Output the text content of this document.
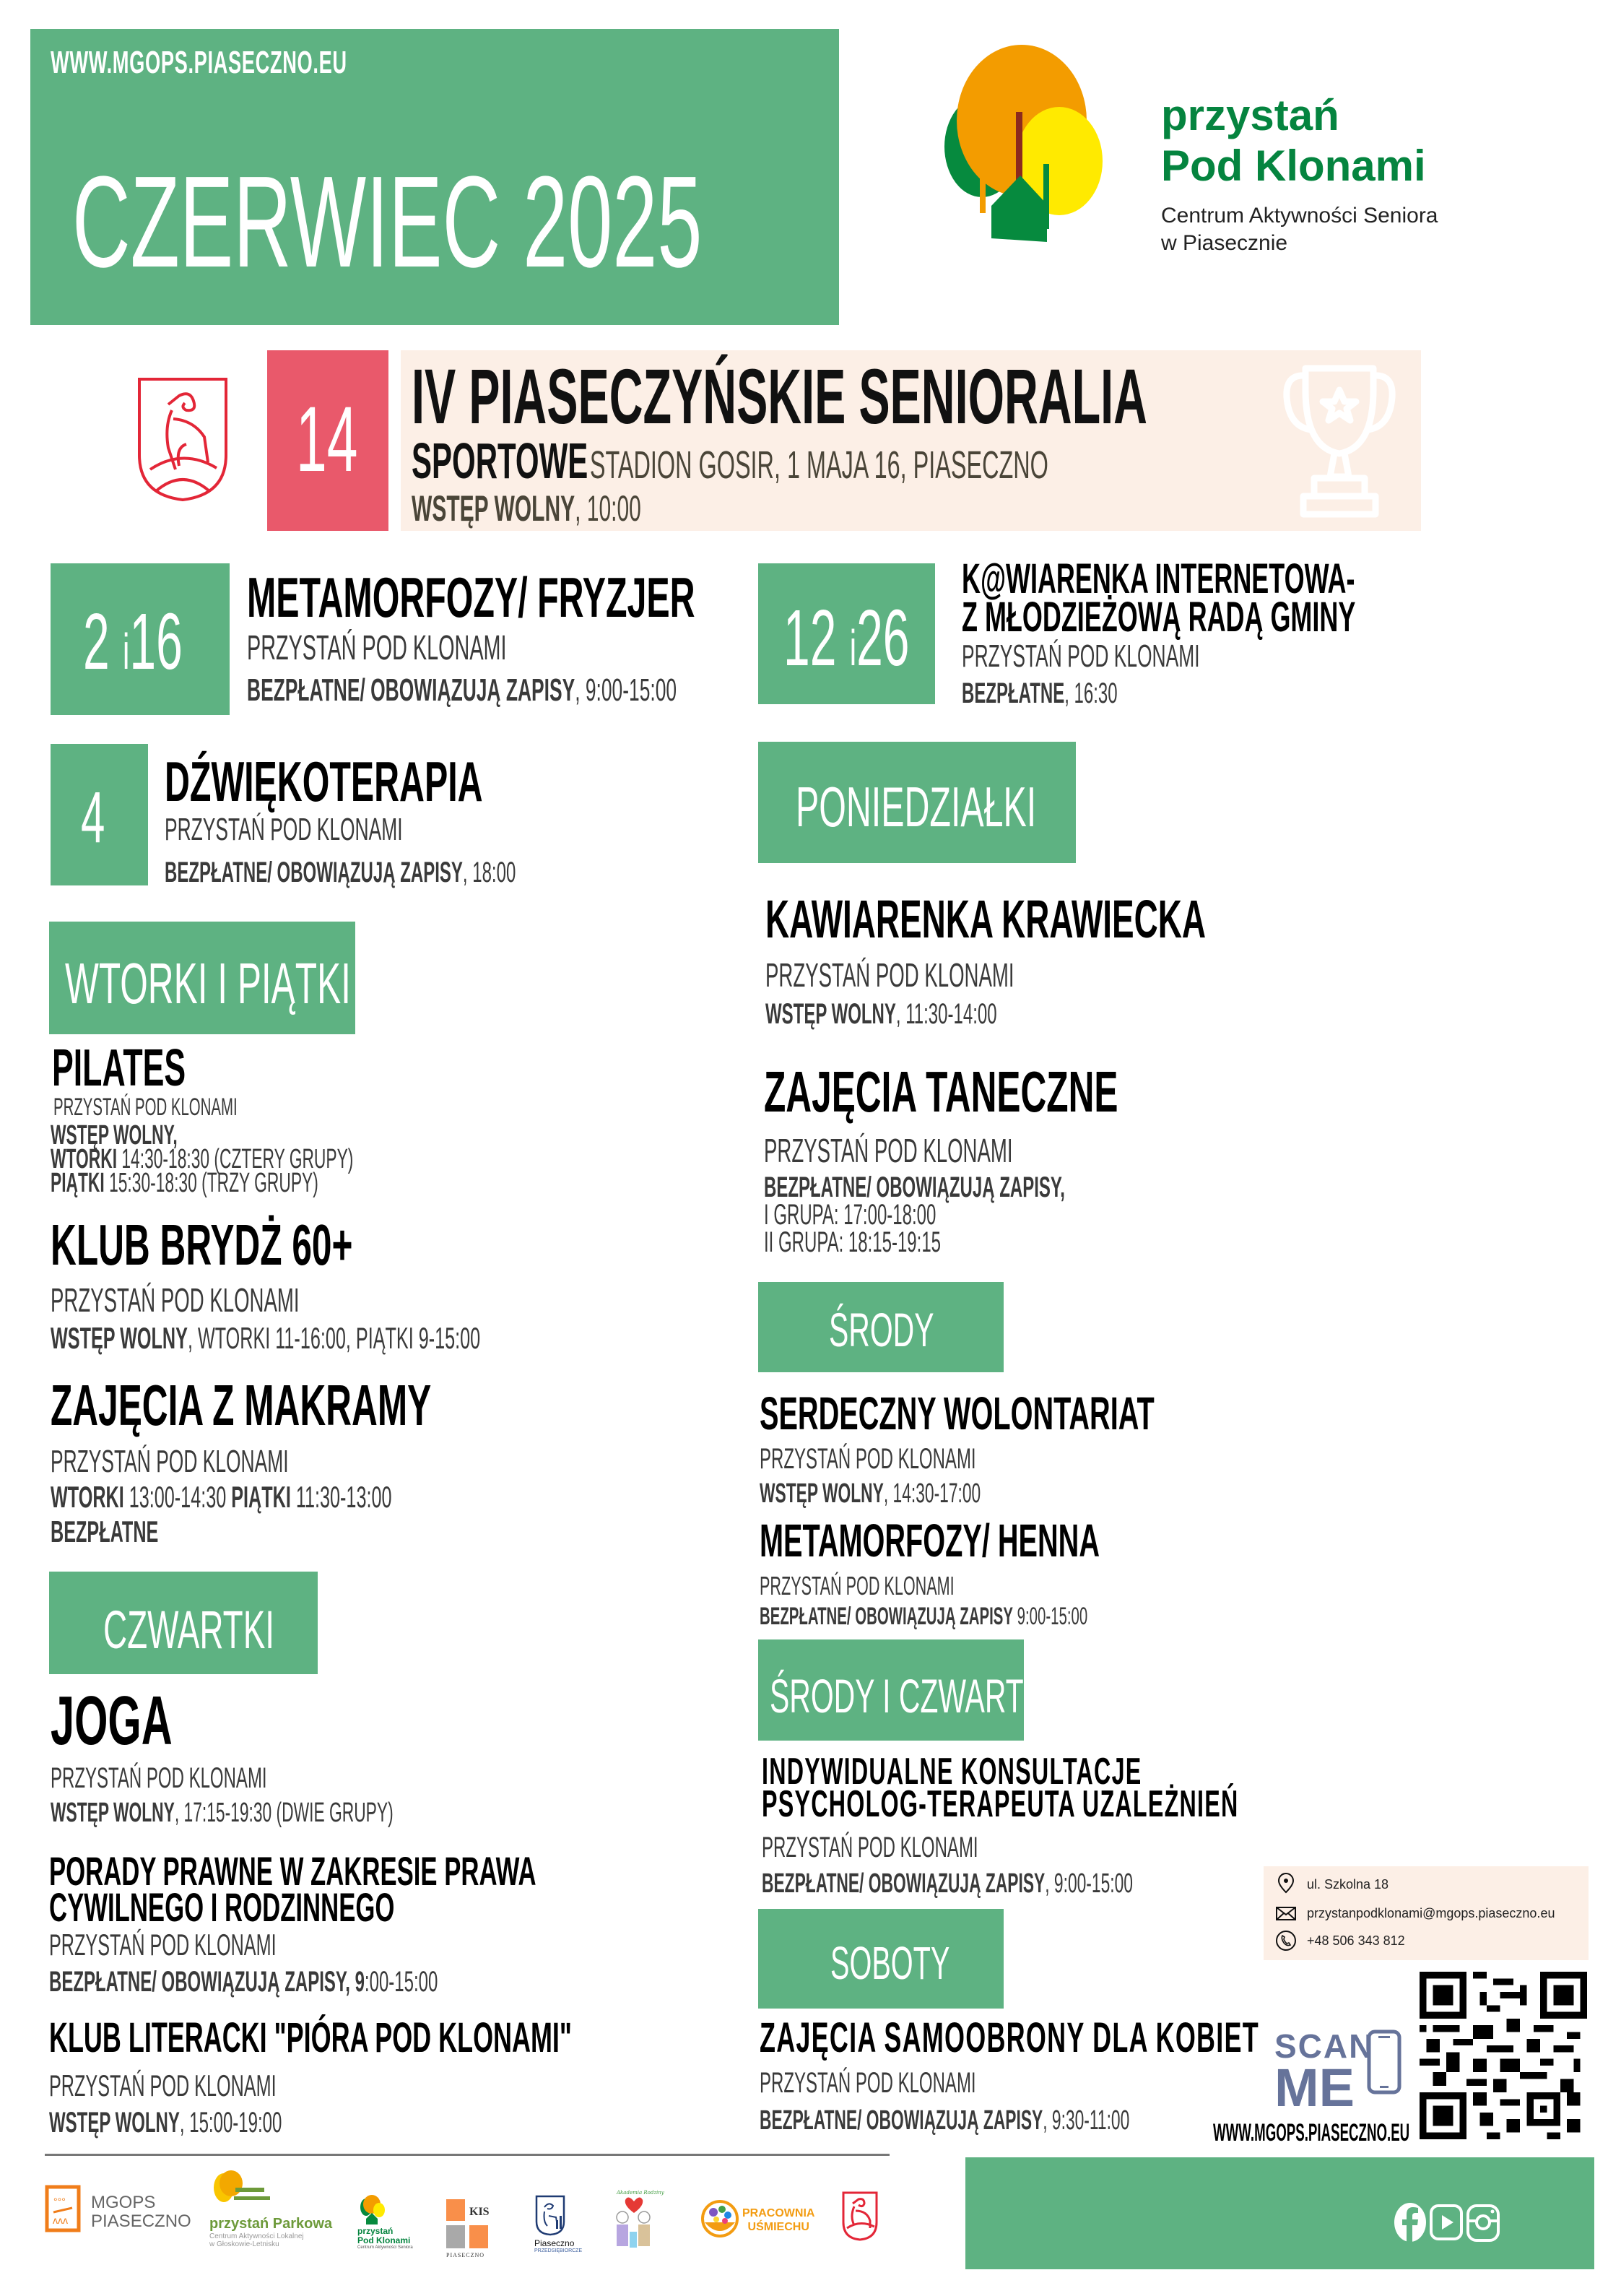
WWW.MGOPS.PIASECZNO.EU
CZERWIEC 2025
przystań
Pod Klonami
Centrum Aktywności Seniora
w Piasecznie
14 IV PIASECZYŃSKIE SENIORALIA
SPORTOWE STADION GOSIR, 1 MAJA 16, PIASECZNO
WSTĘP WOLNY, 10:00
2 i16 METAMORFOZY/ FRYZJER
PRZYSTAŃ POD KLONAMI
BEZPŁATNE/ OBOWIĄZUJĄ ZAPISY, 9:00-15:00
12 i26
K@WIARENKA INTERNETOWA-
Z MŁODZIEŻOWĄ RADĄ GMINY
PRZYSTAŃ POD KLONAMI
BEZPŁATNE, 16:30
4 DŹWIĘKOTERAPIA
PRZYSTAŃ POD KLONAMI
BEZPŁATNE/ OBOWIĄZUJĄ ZAPISY, 18:00
WTORKI I PIĄTKI
PILATES
PRZYSTAŃ POD KLONAMI
WSTĘP WOLNY,
WTORKI 14:30-18:30 (CZTERY GRUPY)
PIĄTKI 15:30-18:30 (TRZY GRUPY)
KLUB BRYDŻ 60+
PRZYSTAŃ POD KLONAMI
WSTĘP WOLNY, WTORKI 11-16:00, PIĄTKI 9-15:00
ZAJĘCIA Z MAKRAMY
PRZYSTAŃ POD KLONAMI
WTORKI 13:00-14:30 PIĄTKI 11:30-13:00
BEZPŁATNE
CZWARTKI
JOGA
PRZYSTAŃ POD KLONAMI
WSTĘP WOLNY, 17:15-19:30 (DWIE GRUPY)
PORADY PRAWNE W ZAKRESIE PRAWA
CYWILNEGO I RODZINNEGO
PRZYSTAŃ POD KLONAMI
BEZPŁATNE/ OBOWIĄZUJĄ ZAPISY, 9:00-15:00
KLUB LITERACKI "PIÓRA POD KLONAMI"
PRZYSTAŃ POD KLONAMI
WSTĘP WOLNY, 15:00-19:00
PONIEDZIAŁKI
KAWIARENKA KRAWIECKA
PRZYSTAŃ POD KLONAMI
WSTĘP WOLNY, 11:30-14:00
ZAJĘCIA TANECZNE
PRZYSTAŃ POD KLONAMI
BEZPŁATNE/ OBOWIĄZUJĄ ZAPISY,
I GRUPA: 17:00-18:00
II GRUPA: 18:15-19:15
ŚRODY
SERDECZNY WOLONTARIAT
PRZYSTAŃ POD KLONAMI
WSTĘP WOLNY, 14:30-17:00
METAMORFOZY/ HENNA
PRZYSTAŃ POD KLONAMI
BEZPŁATNE/ OBOWIĄZUJĄ ZAPISY 9:00-15:00
ŚRODY I CZWARTKI
INDYWIDUALNE KONSULTACJE
PSYCHOLOG-TERAPEUTA UZALEŻNIEŃ
PRZYSTAŃ POD KLONAMI
BEZPŁATNE/ OBOWIĄZUJĄ ZAPISY, 9:00-15:00
SOBOTY
ZAJĘCIA SAMOOBRONY DLA KOBIET
PRZYSTAŃ POD KLONAMI
BEZPŁATNE/ OBOWIĄZUJĄ ZAPISY, 9:30-11:00
ul. Szkolna 18
przystanpodklonami@mgops.piaseczno.eu
+48 506 343 812
SCAN
ME
WWW.MGOPS.PIASECZNO.EU
°°°
ᴧᴧᴧ
MGOPS
PIASECZNO przystań Parkowa
Centrum Aktywności Lokalnej
w Głoskowie-Letnisku
przystań
Pod Klonami
Centrum Aktywności Seniora
KIS
PIASECZNO
Piaseczno
PRZEDSIĘBIORCZE
Akademia Rodziny
PRACOWNIA
UŚMIECHU
